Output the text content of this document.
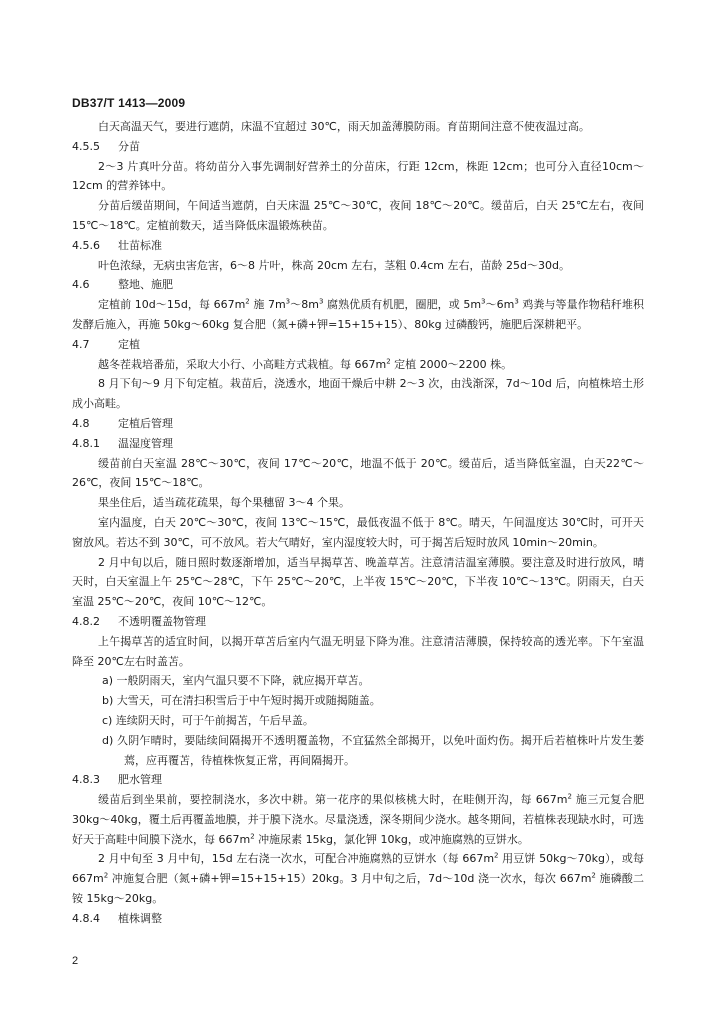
DB37/T 1413—2009

白天高温天气，要进行遮荫，床温不宜超过 30℃，雨天加盖薄膜防雨。育苗期间注意不使夜温过高。

4.5.5 分苗

2～3 片真叶分苗。将幼苗分入事先调制好营养土的分苗床，行距 12cm，株距 12cm；也可分入直径10cm～12cm 的营养钵中。

分苗后缓苗期间，午间适当遮荫，白天床温 25℃～30℃，夜间 18℃～20℃。缓苗后，白天 25℃左右，夜间 15℃～18℃。定植前数天，适当降低床温锻炼秧苗。

4.5.6 壮苗标准

叶色浓绿，无病虫害危害，6～8 片叶，株高 20cm 左右，茎粗 0.4cm 左右，苗龄 25d～30d。

4.6	整地、施肥

定植前 10d～15d，每 $667m^2$ 施 $7m^3\sim 8m^3$ 腐熟优质有机肥，圈肥，或 $5m^3\sim 6m^3$ 鸡粪与等量作物秸秆堆积发酵后施入，再施 50kg～60kg 复合肥（氮+磷+钾=15+15+15）、80kg 过磷酸钙，施肥后深耕耙平。

4.7	定植

越冬茬栽培番茄，采取大小行、小高畦方式栽植。每 $667m^2$ 定植 2000～2200 株。

8 月下旬～9 月下旬定植。栽苗后，浇透水，地面干燥后中耕 2～3 次，由浅渐深，7d～10d 后，向植株培土形成小高畦。

4.8	定植后管理

4.8.1 温湿度管理

缓苗前白天室温 28℃～30℃，夜间 17℃～20℃，地温不低于 20℃。缓苗后，适当降低室温，白天22℃～26℃，夜间 15℃～18℃。

果坐住后，适当疏花疏果，每个果穗留 3～4 个果。

室内温度，白天 20℃～30℃，夜间 13℃～15℃，最低夜温不低于 8℃。晴天，午间温度达 30℃时，可开天窗放风。若达不到 30℃，可不放风。若大气晴好，室内湿度较大时，可于揭苫后短时放风 10min～20min。

2 月中旬以后，随日照时数逐渐增加，适当早揭草苫、晚盖草苫。注意清洁温室薄膜。要注意及时进行放风，晴天时，白天室温上午 25℃～28℃，下午 25℃～20℃，上半夜 15℃～20℃，下半夜 10℃～13℃。阴雨天，白天室温 25℃～20℃，夜间 10℃～12℃。

4.8.2 不透明覆盖物管理

上午揭草苫的适宜时间，以揭开草苫后室内气温无明显下降为准。注意清洁薄膜，保持较高的透光率。下午室温降至 20℃左右时盖苫。

a) 一般阴雨天，室内气温只要不下降，就应揭开草苫。

b) 大雪天，可在清扫积雪后于中午短时揭开或随揭随盖。

c) 连续阴天时，可于午前揭苫，午后早盖。

d) 久阴乍晴时，要陆续间隔揭开不透明覆盖物，不宜猛然全部揭开，以免叶面灼伤。揭开后若植株叶片发生萎蔫，应再覆苫，待植株恢复正常，再间隔揭开。

4.8.3 肥水管理

缓苗后到坐果前，要控制浇水，多次中耕。第一花序的果似核桃大时，在畦侧开沟，每 $667m^2$ 施三元复合肥 30kg～40kg，覆土后再覆盖地膜，并于膜下浇水。尽量浇透，深冬期间少浇水。越冬期间，若植株表现缺水时，可选好天于高畦中间膜下浇水，每 $667m^2$ 冲施尿素 15kg，氯化钾 10kg，或冲施腐熟的豆饼水。

2 月中旬至 3 月中旬，15d 左右浇一次水，可配合冲施腐熟的豆饼水（每 $667m^2$ 用豆饼 50kg～70kg），或每 $667m^2$ 冲施复合肥（氮+磷+钾=15+15+15）20kg。3 月中旬之后，7d～10d 浇一次水，每次 $667m^2$ 施磷酸二铵 15kg～20kg。

4.8.4 植株调整

2
